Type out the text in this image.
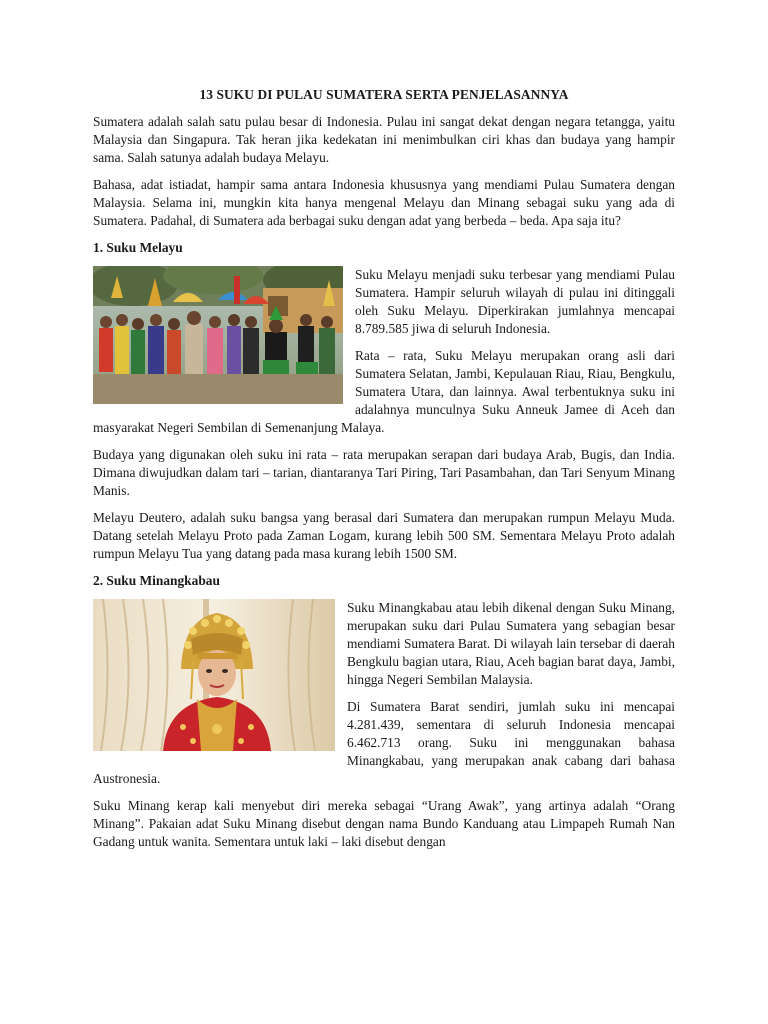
13 SUKU DI PULAU SUMATERA SERTA PENJELASANNYA

Sumatera adalah salah satu pulau besar di Indonesia. Pulau ini sangat dekat dengan negara tetangga, yaitu Malaysia dan Singapura. Tak heran jika kedekatan ini menimbulkan ciri khas dan budaya yang hampir sama. Salah satunya adalah budaya Melayu.

Bahasa, adat istiadat, hampir sama antara Indonesia khususnya yang mendiami Pulau Sumatera dengan Malaysia. Selama ini, mungkin kita hanya mengenal Melayu dan Minang sebagai suku yang ada di Sumatera. Padahal, di Sumatera ada berbagai suku dengan adat yang berbeda – beda. Apa saja itu?

1. Suku Melayu

Suku Melayu menjadi suku terbesar yang mendiami Pulau Sumatera. Hampir seluruh wilayah di pulau ini ditinggali oleh Suku Melayu. Diperkirakan jumlahnya mencapai 8.789.585 jiwa di seluruh Indonesia.

Rata – rata, Suku Melayu merupakan orang asli dari Sumatera Selatan, Jambi, Kepulauan Riau, Riau, Bengkulu, Sumatera Utara, dan lainnya. Awal terbentuknya suku ini adalahnya munculnya Suku Anneuk Jamee di Aceh dan masyarakat Negeri Sembilan di Semenanjung Malaya.

Budaya yang digunakan oleh suku ini rata – rata merupakan serapan dari budaya Arab, Bugis, dan India. Dimana diwujudkan dalam tari – tarian, diantaranya Tari Piring, Tari Pasambahan, dan Tari Senyum Minang Manis.

Melayu Deutero, adalah suku bangsa yang berasal dari Sumatera dan merupakan rumpun Melayu Muda. Datang setelah Melayu Proto pada Zaman Logam, kurang lebih 500 SM. Sementara Melayu Proto adalah rumpun Melayu Tua yang datang pada masa kurang lebih 1500 SM.

2. Suku Minangkabau

Suku Minangkabau atau lebih dikenal dengan Suku Minang, merupakan suku dari Pulau Sumatera yang sebagian besar mendiami Sumatera Barat. Di wilayah lain tersebar di daerah Bengkulu bagian utara, Riau, Aceh bagian barat daya, Jambi, hingga Negeri Sembilan Malaysia.

Di Sumatera Barat sendiri, jumlah suku ini mencapai 4.281.439, sementara di seluruh Indonesia mencapai 6.462.713 orang. Suku ini menggunakan bahasa Minangkabau, yang merupakan anak cabang dari bahasa Austronesia.

Suku Minang kerap kali menyebut diri mereka sebagai “Urang Awak”, yang artinya adalah “Orang Minang”. Pakaian adat Suku Minang disebut dengan nama Bundo Kanduang atau Limpapeh Rumah Nan Gadang untuk wanita. Sementara untuk laki – laki disebut dengan
